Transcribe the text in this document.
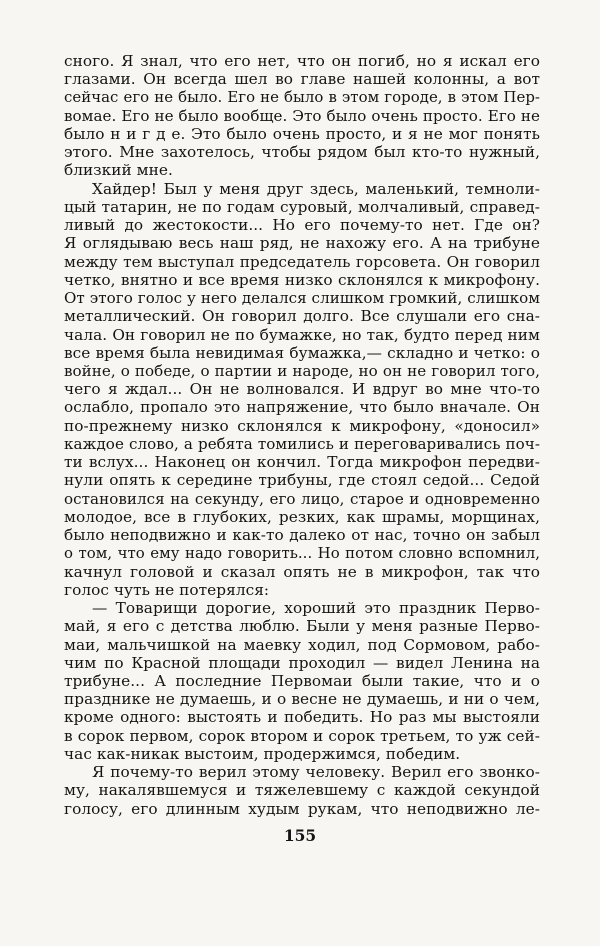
сного. Я знал, что его нет, что он погиб, но я искал его
глазами. Он всегда шел во главе нашей колонны, а вот
сейчас его не было. Его не было в этом городе, в этом Пер-
вомае. Его не было вообще. Это было очень просто. Его не
было н и г д е. Это было очень просто, и я не мог понять
этого. Мне захотелось, чтобы рядом был кто-то нужный,
близкий мне.
Хайдер! Был у меня друг здесь, маленький, темноли-
цый татарин, не по годам суровый, молчаливый, справед-
ливый до жестокости... Но его почему-то нет. Где он?
Я оглядываю весь наш ряд, не нахожу его. А на трибуне
между тем выступал председатель горсовета. Он говорил
четко, внятно и все время низко склонялся к микрофону.
От этого голос у него делался слишком громкий, слишком
металлический. Он говорил долго. Все слушали его сна-
чала. Он говорил не по бумажке, но так, будто перед ним
все время была невидимая бумажка,— складно и четко: о
войне, о победе, о партии и народе, но он не говорил того,
чего я ждал... Он не волновался. И вдруг во мне что-то
ослабло, пропало это напряжение, что было вначале. Он
по-прежнему низко склонялся к микрофону, «доносил»
каждое слово, а ребята томились и переговаривались поч-
ти вслух... Наконец он кончил. Тогда микрофон передви-
нули опять к середине трибуны, где стоял седой... Седой
остановился на секунду, его лицо, старое и одновременно
молодое, все в глубоких, резких, как шрамы, морщинах,
было неподвижно и как-то далеко от нас, точно он забыл
о том, что ему надо говорить... Но потом словно вспомнил,
качнул головой и сказал опять не в микрофон, так что
голос чуть не потерялся:
— Товарищи дорогие, хороший это праздник Перво-
май, я его с детства люблю. Были у меня разные Перво-
маи, мальчишкой на маевку ходил, под Сормовом, рабо-
чим по Красной площади проходил — видел Ленина на
трибуне... А последние Первомаи были такие, что и о
празднике не думаешь, и о весне не думаешь, и ни о чем,
кроме одного: выстоять и победить. Но раз мы выстояли
в сорок первом, сорок втором и сорок третьем, то уж сей-
час как-никак выстоим, продержимся, победим.
Я почему-то верил этому человеку. Верил его звонко-
му, накалявшемуся и тяжелевшему с каждой секундой
голосу, его длинным худым рукам, что неподвижно ле-
155
